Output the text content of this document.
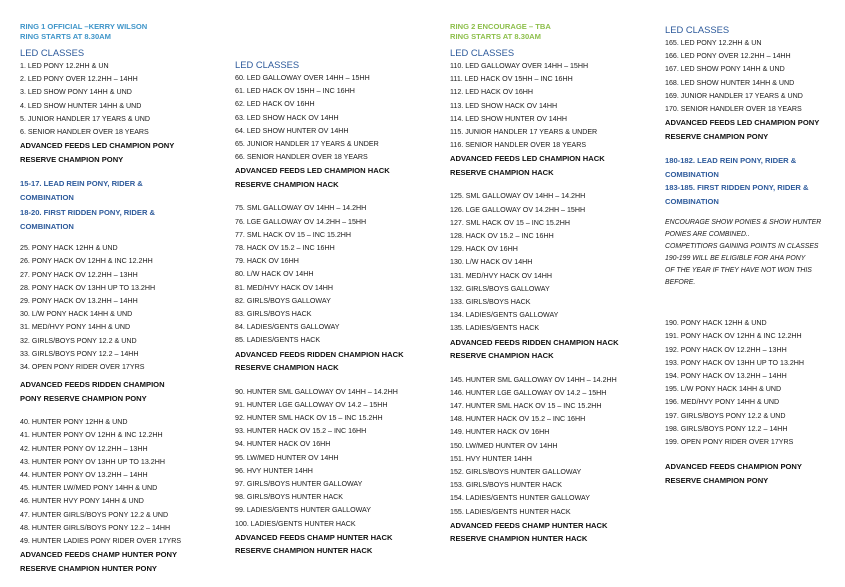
RING 1 OFFICIAL –KERRY WILSON
RING STARTS AT 8.30AM
LED CLASSES
1. LED PONY 12.2HH & UN
2. LED PONY OVER 12.2HH – 14HH
3. LED SHOW PONY 14HH & UND
4. LED SHOW HUNTER 14HH & UND
5. JUNIOR HANDLER 17 YEARS & UND
6. SENIOR HANDLER OVER 18 YEARS
ADVANCED FEEDS LED CHAMPION PONY
RESERVE CHAMPION PONY
15-17. LEAD REIN PONY, RIDER &
COMBINATION
18-20. FIRST RIDDEN PONY, RIDER &
COMBINATION
25. PONY HACK 12HH & UND
26. PONY HACK OV 12HH & INC 12.2HH
27. PONY HACK OV 12.2HH – 13HH
28. PONY HACK OV 13HH UP TO 13.2HH
29. PONY HACK OV 13.2HH – 14HH
30. L/W PONY HACK 14HH & UND
31. MED/HVY PONY 14HH & UND
32. GIRLS/BOYS PONY 12.2 & UND
33. GIRLS/BOYS PONY 12.2 – 14HH
34. OPEN PONY RIDER OVER 17YRS
ADVANCED FEEDS RIDDEN CHAMPION
PONY RESERVE CHAMPION PONY
40. HUNTER PONY 12HH & UND
41. HUNTER PONY OV 12HH & INC 12.2HH
42. HUNTER PONY OV 12.2HH – 13HH
43. HUNTER PONY OV 13HH UP TO 13.2HH
44. HUNTER PONY OV 13.2HH – 14HH
45. HUNTER LW/MED PONY 14HH & UND
46. HUNTER HVY PONY 14HH & UND
47. HUNTER GIRLS/BOYS PONY 12.2 & UND
48. HUNTER GIRLS/BOYS PONY 12.2 – 14HH
49. HUNTER LADIES PONY RIDER OVER 17YRS
ADVANCED FEEDS CHAMP HUNTER PONY
RESERVE CHAMPION HUNTER PONY
LED CLASSES
60. LED GALLOWAY OVER 14HH – 15HH
61. LED HACK OV 15HH – INC 16HH
62. LED HACK OV 16HH
63. LED SHOW HACK OV 14HH
64. LED SHOW HUNTER OV 14HH
65. JUNIOR HANDLER 17 YEARS & UNDER
66. SENIOR HANDLER OVER 18 YEARS
ADVANCED FEEDS LED CHAMPION HACK
RESERVE CHAMPION HACK
75. SML GALLOWAY OV 14HH – 14.2HH
76. LGE GALLOWAY OV 14.2HH – 15HH
77. SML HACK OV 15 – INC 15.2HH
78. HACK OV 15.2 – INC 16HH
79. HACK OV 16HH
80. L/W HACK OV 14HH
81. MED/HVY HACK OV 14HH
82. GIRLS/BOYS GALLOWAY
83. GIRLS/BOYS HACK
84. LADIES/GENTS GALLOWAY
85. LADIES/GENTS HACK
ADVANCED FEEDS RIDDEN CHAMPION HACK
RESERVE CHAMPION HACK
90. HUNTER SML GALLOWAY OV 14HH – 14.2HH
91. HUNTER LGE GALLOWAY OV 14.2 – 15HH
92. HUNTER SML HACK OV 15 – INC 15.2HH
93. HUNTER HACK OV 15.2 – INC 16HH
94. HUNTER HACK OV 16HH
95. LW/MED HUNTER OV 14HH
96. HVY HUNTER 14HH
97. GIRLS/BOYS HUNTER GALLOWAY
98. GIRLS/BOYS HUNTER HACK
99. LADIES/GENTS HUNTER GALLOWAY
100. LADIES/GENTS HUNTER HACK
ADVANCED FEEDS CHAMP HUNTER HACK
RESERVE CHAMPION HUNTER HACK
RING 2 ENCOURAGE – TBA
RING STARTS AT 8.30AM
LED CLASSES
110. LED GALLOWAY OVER 14HH – 15HH
111. LED HACK OV 15HH – INC 16HH
112. LED HACK OV 16HH
113. LED SHOW HACK OV 14HH
114. LED SHOW HUNTER OV 14HH
115. JUNIOR HANDLER 17 YEARS & UNDER
116. SENIOR HANDLER OVER 18 YEARS
ADVANCED FEEDS LED CHAMPION HACK
RESERVE CHAMPION HACK
125. SML GALLOWAY OV 14HH – 14.2HH
126. LGE GALLOWAY OV 14.2HH – 15HH
127. SML HACK OV 15 – INC 15.2HH
128. HACK OV 15.2 – INC 16HH
129. HACK OV 16HH
130. L/W HACK OV 14HH
131. MED/HVY HACK OV 14HH
132. GIRLS/BOYS GALLOWAY
133. GIRLS/BOYS HACK
134. LADIES/GENTS GALLOWAY
135. LADIES/GENTS HACK
ADVANCED FEEDS RIDDEN CHAMPION HACK
RESERVE CHAMPION HACK
145. HUNTER SML GALLOWAY OV 14HH – 14.2HH
146. HUNTER LGE GALLOWAY OV 14.2 – 15HH
147. HUNTER SML HACK OV 15 – INC 15.2HH
148. HUNTER HACK OV 15.2 – INC 16HH
149. HUNTER HACK OV 16HH
150. LW/MED HUNTER OV 14HH
151. HVY HUNTER 14HH
152. GIRLS/BOYS HUNTER GALLOWAY
153. GIRLS/BOYS HUNTER HACK
154. LADIES/GENTS HUNTER GALLOWAY
155. LADIES/GENTS HUNTER HACK
ADVANCED FEEDS CHAMP HUNTER HACK
RESERVE CHAMPION HUNTER HACK
LED CLASSES
165. LED PONY 12.2HH & UN
166. LED PONY OVER 12.2HH – 14HH
167. LED SHOW PONY 14HH & UND
168. LED SHOW HUNTER 14HH & UND
169. JUNIOR HANDLER 17 YEARS & UND
170. SENIOR HANDLER OVER 18 YEARS
ADVANCED FEEDS LED CHAMPION PONY
RESERVE CHAMPION PONY
180-182. LEAD REIN PONY, RIDER &
COMBINATION
183-185. FIRST RIDDEN PONY, RIDER &
COMBINATION
ENCOURAGE SHOW PONIES & SHOW HUNTER
PONIES ARE COMBINED..
COMPETITIORS GAINING POINTS IN CLASSES
190-199 WILL BE ELIGIBLE FOR AHA PONY
OF THE YEAR IF THEY HAVE NOT WON THIS
BEFORE.
190. PONY HACK 12HH & UND
191. PONY HACK OV 12HH & INC 12.2HH
192. PONY HACK OV 12.2HH – 13HH
193. PONY HACK OV 13HH UP TO 13.2HH
194. PONY HACK OV 13.2HH – 14HH
195. L/W PONY HACK 14HH & UND
196. MED/HVY PONY 14HH & UND
197. GIRLS/BOYS PONY 12.2 & UND
198. GIRLS/BOYS PONY 12.2 – 14HH
199. OPEN PONY RIDER OVER 17YRS
ADVANCED FEEDS CHAMPION PONY
RESERVE CHAMPION PONY
